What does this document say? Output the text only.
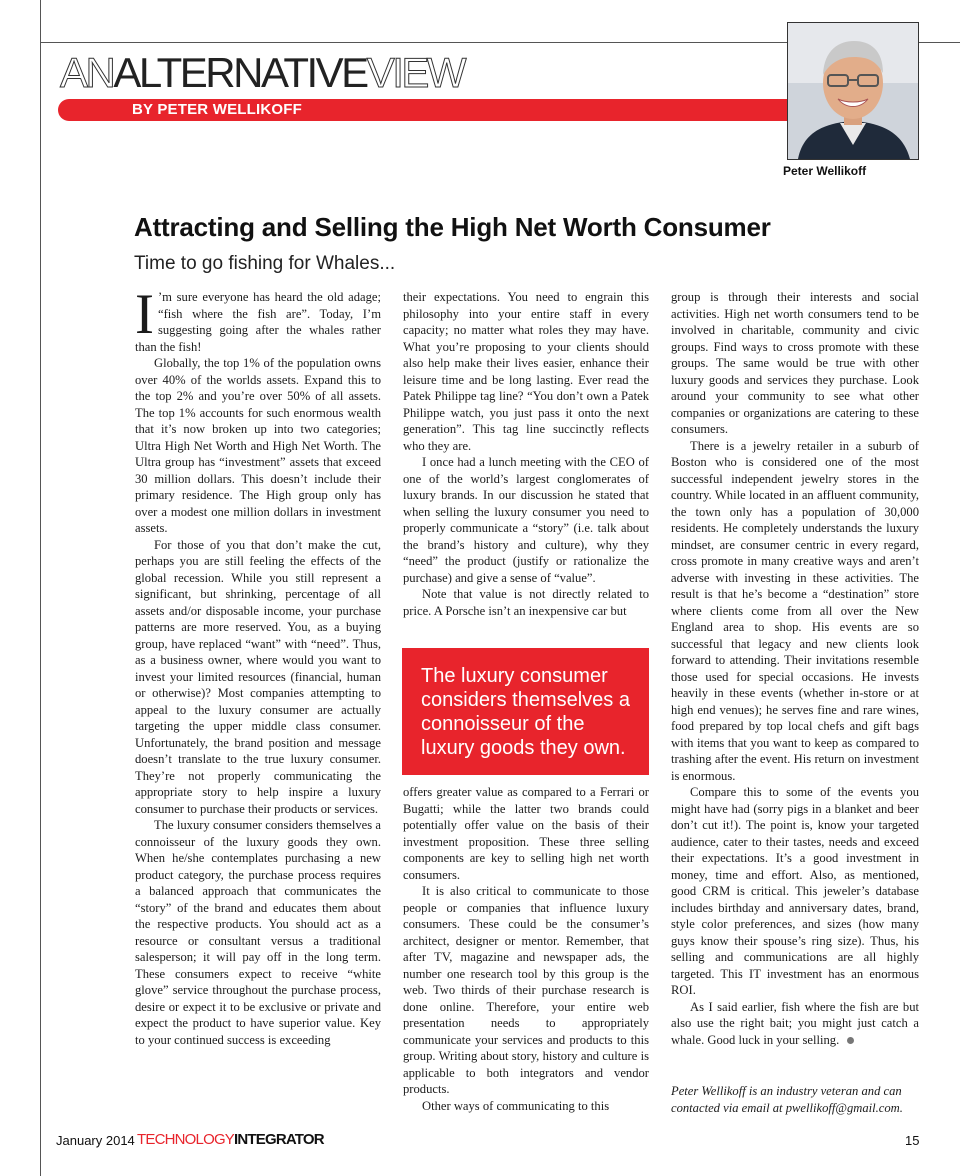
ANALTERNATIVEVIEW
BY PETER WELLIKOFF
Peter Wellikoff
Attracting and Selling the High Net Worth Consumer
Time to go fishing for Whales...

I ’m sure everyone has heard the old adage; “fish where the fish are”. Today, I’m suggesting going after the whales rather than the fish!

Globally, the top 1% of the population owns over 40% of the worlds assets. Expand this to the top 2% and you’re over 50% of all assets. The top 1% accounts for such enormous wealth that it’s now broken up into two categories; Ultra High Net Worth and High Net Worth. The Ultra group has “investment” assets that exceed 30 million dollars. This doesn’t include their primary residence. The High group only has over a modest one million dollars in investment assets.

For those of you that don’t make the cut, perhaps you are still feeling the effects of the global recession. While you still represent a significant, but shrinking, percentage of all assets and/or disposable income, your purchase patterns are more reserved. You, as a buying group, have replaced “want” with “need”. Thus, as a business owner, where would you want to invest your limited resources (financial, human or otherwise)? Most companies attempting to appeal to the luxury consumer are actually targeting the upper middle class consumer. Unfortunately, the brand position and message doesn’t translate to the true luxury consumer. They’re not properly communicating the appropriate story to help inspire a luxury consumer to purchase their products or services.

The luxury consumer considers themselves a connoisseur of the luxury goods they own. When he/she contemplates purchasing a new product category, the purchase process requires a balanced approach that communicates the “story” of the brand and educates them about the respective products. You should act as a resource or consultant versus a traditional salesperson; it will pay off in the long term. These consumers expect to receive “white glove” service throughout the purchase process, desire or expect it to be exclusive or private and expect the product to have superior value. Key to your continued success is exceeding

their expectations. You need to engrain this philosophy into your entire staff in every capacity; no matter what roles they may have. What you’re proposing to your clients should also help make their lives easier, enhance their leisure time and be long lasting. Ever read the Patek Philippe tag line? “You don’t own a Patek Philippe watch, you just pass it onto the next generation”. This tag line succinctly reflects who they are.

I once had a lunch meeting with the CEO of one of the world’s largest conglomerates of luxury brands. In our discussion he stated that when selling the luxury consumer you need to properly communicate a “story” (i.e. talk about the brand’s history and culture), why they “need” the product (justify or rationalize the purchase) and give a sense of “value”.

Note that value is not directly related to price. A Porsche isn’t an inexpensive car but

The luxury consumer considers themselves a connoisseur of the luxury goods they own.

offers greater value as compared to a Ferrari or Bugatti; while the latter two brands could potentially offer value on the basis of their investment proposition. These three selling components are key to selling high net worth consumers.

It is also critical to communicate to those people or companies that influence luxury consumers. These could be the consumer’s architect, designer or mentor. Remember, that after TV, magazine and newspaper ads, the number one research tool by this group is the web. Two thirds of their purchase research is done online. Therefore, your entire web presentation needs to appropriately communicate your services and products to this group. Writing about story, history and culture is applicable to both integrators and vendor products.

Other ways of communicating to this

group is through their interests and social activities. High net worth consumers tend to be involved in charitable, community and civic groups. Find ways to cross promote with these groups. The same would be true with other luxury goods and services they purchase. Look around your community to see what other companies or organizations are catering to these consumers.

There is a jewelry retailer in a suburb of Boston who is considered one of the most successful independent jewelry stores in the country. While located in an affluent community, the town only has a population of 30,000 residents. He completely understands the luxury mindset, are consumer centric in every regard, cross promote in many creative ways and aren’t adverse with investing in these activities. The result is that he’s become a “destination” store where clients come from all over the New England area to shop. His events are so successful that legacy and new clients look forward to attending. Their invitations resemble those used for special occasions. He invests heavily in these events (whether in-store or at high end venues); he serves fine and rare wines, food prepared by top local chefs and gift bags with items that you want to keep as compared to trashing after the event. His return on investment is enormous.

Compare this to some of the events you might have had (sorry pigs in a blanket and beer don’t cut it!). The point is, know your targeted audience, cater to their tastes, needs and exceed their expectations. It’s a good investment in money, time and effort. Also, as mentioned, good CRM is critical. This jeweler’s database includes birthday and anniversary dates, brand, style color preferences, and sizes (how many guys know their spouse’s ring size). Thus, his selling and communications are all highly targeted. This IT investment has an enormous ROI.

As I said earlier, fish where the fish are but also use the right bait; you might just catch a whale. Good luck in your selling.

Peter Wellikoff is an industry veteran and can contacted via email at pwellikoff@gmail.com.
January 2014 TECHNOLOGYINTEGRATOR	15
